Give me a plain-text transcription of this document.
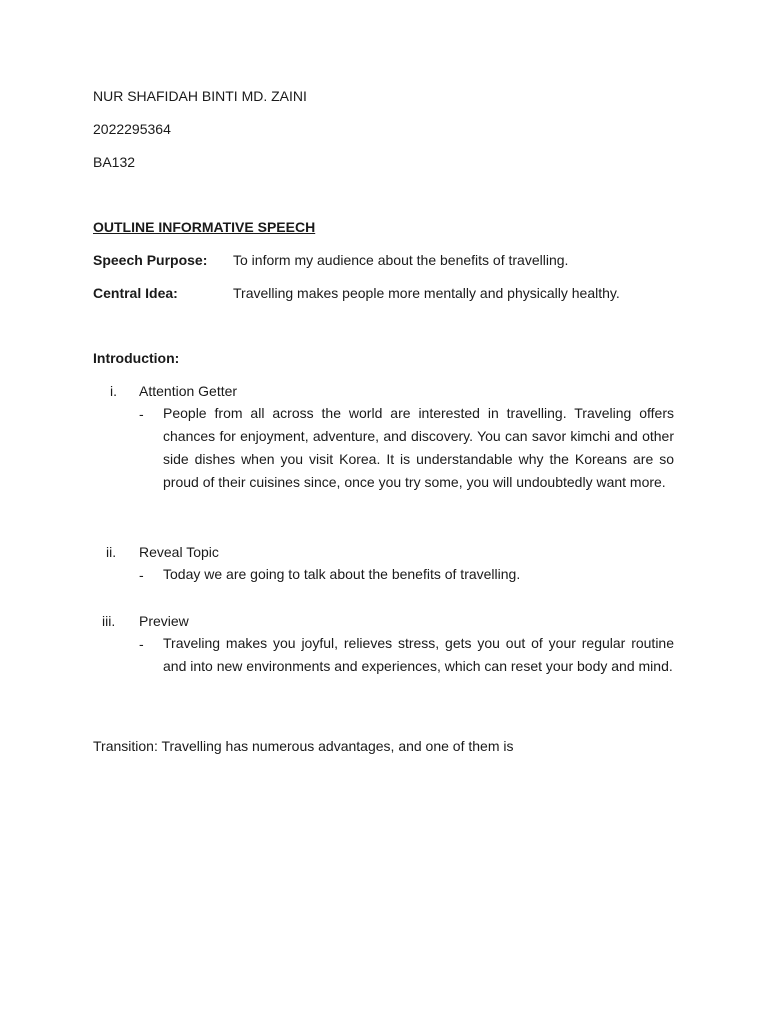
NUR SHAFIDAH BINTI MD. ZAINI
2022295364
BA132
OUTLINE INFORMATIVE SPEECH
Speech Purpose: To inform my audience about the benefits of travelling.
Central Idea:	Travelling makes people more mentally and physically healthy.
Introduction:
i. Attention Getter
- People from all across the world are interested in travelling. Traveling offers chances for enjoyment, adventure, and discovery. You can savor kimchi and other side dishes when you visit Korea. It is understandable why the Koreans are so proud of their cuisines since, once you try some, you will undoubtedly want more.
ii. Reveal Topic
- Today we are going to talk about the benefits of travelling.
iii. Preview
- Traveling makes you joyful, relieves stress, gets you out of your regular routine and into new environments and experiences, which can reset your body and mind.
Transition: Travelling has numerous advantages, and one of them is
